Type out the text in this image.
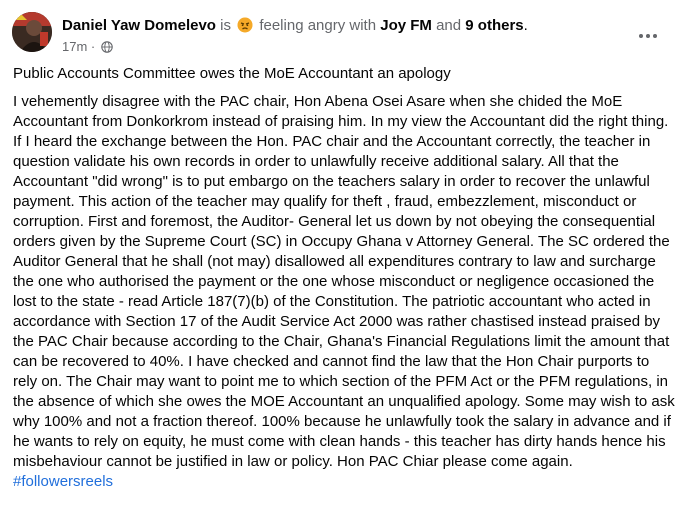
Daniel Yaw Domelevo is feeling angry with Joy FM and 9 others.
17m ·

Public Accounts Committee owes the MoE Accountant an apology

I vehemently disagree with the PAC chair, Hon Abena Osei Asare when she chided the MoE Accountant from Donkorkrom instead of praising him. In my view the Accountant did the right thing. If I heard the exchange between the Hon. PAC chair and the Accountant correctly, the teacher in question validate his own records in order to unlawfully receive additional salary. All that the Accountant "did wrong" is to put embargo on the teachers salary in order to recover the unlawful payment. This action of the teacher may qualify for theft , fraud, embezzlement, misconduct or corruption. First and foremost, the Auditor- General let us down by not obeying the consequential orders given by the Supreme Court (SC) in Occupy Ghana v Attorney General. The SC ordered the Auditor General that he shall (not may) disallowed all expenditures contrary to law and surcharge the one who authorised the payment or the one whose misconduct or negligence occasioned the lost to the state - read Article 187(7)(b) of the Constitution. The patriotic accountant who acted in accordance with Section 17 of the Audit Service Act 2000 was rather chastised instead praised by the PAC Chair because according to the Chair, Ghana's Financial Regulations limit the amount that can be recovered to 40%. I have checked and cannot find the law that the Hon Chair purports to rely on. The Chair may want to point me to which section of the PFM Act or the PFM regulations, in the absence of which she owes the MOE Accountant an unqualified apology. Some may wish to ask why 100% and not a fraction thereof. 100% because he unlawfully took the salary in advance and if he wants to rely on equity, he must come with clean hands - this teacher has dirty hands hence his misbehaviour cannot be justified in law or policy. Hon PAC Chiar please come again.

#followersreels
